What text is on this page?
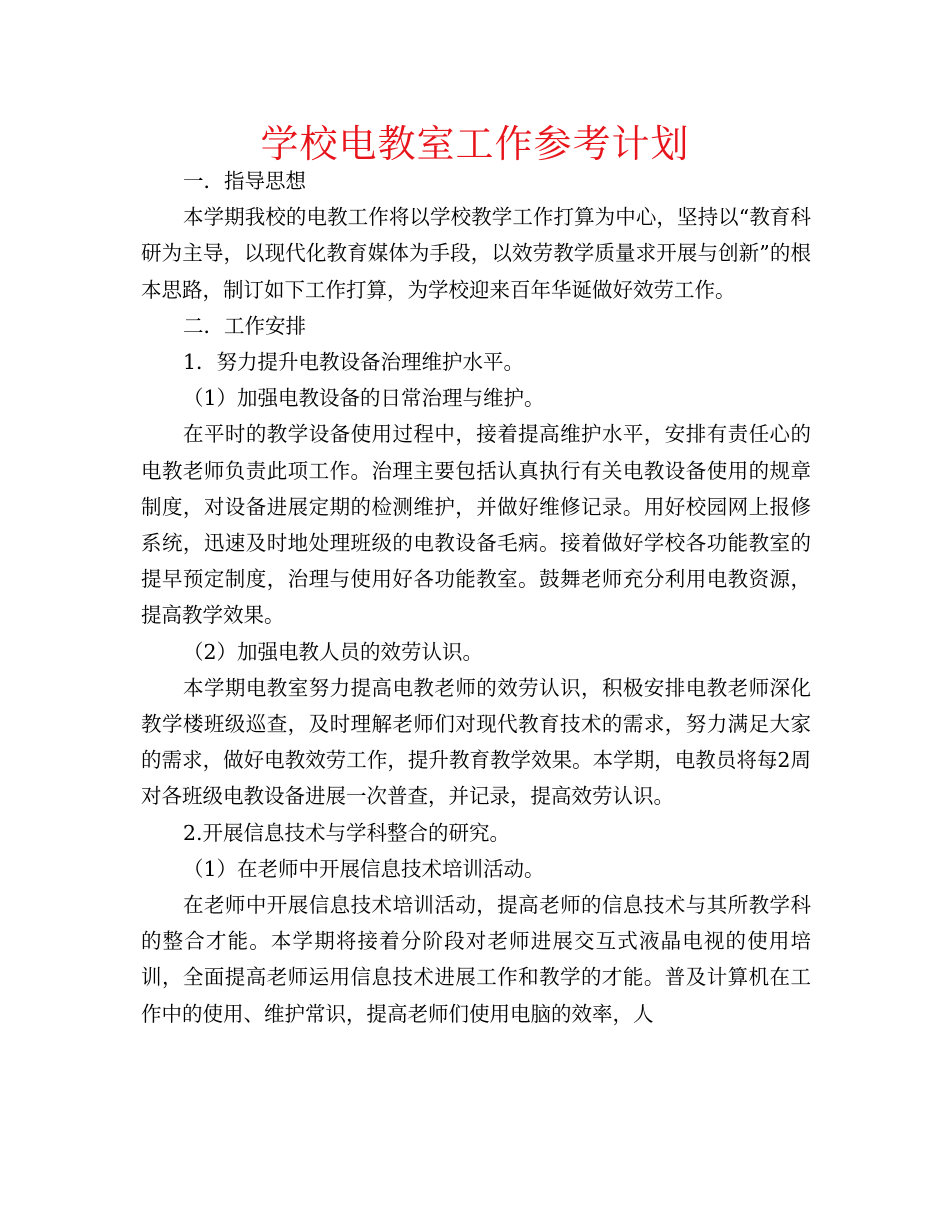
学校电教室工作参考计划

一．指导思想

本学期我校的电教工作将以学校教学工作打算为中心，坚持以“教育科研为主导，以现代化教育媒体为手段，以效劳教学质量求开展与创新”的根本思路，制订如下工作打算，为学校迎来百年华诞做好效劳工作。

二．工作安排

1．努力提升电教设备治理维护水平。

（1）加强电教设备的日常治理与维护。

在平时的教学设备使用过程中，接着提高维护水平，安排有责任心的电教老师负责此项工作。治理主要包括认真执行有关电教设备使用的规章制度，对设备进展定期的检测维护，并做好维修记录。用好校园网上报修系统，迅速及时地处理班级的电教设备毛病。接着做好学校各功能教室的提早预定制度，治理与使用好各功能教室。鼓舞老师充分利用电教资源，提高教学效果。

（2）加强电教人员的效劳认识。

本学期电教室努力提高电教老师的效劳认识，积极安排电教老师深化教学楼班级巡查，及时理解老师们对现代教育技术的需求，努力满足大家的需求，做好电教效劳工作，提升教育教学效果。本学期，电教员将每2周对各班级电教设备进展一次普查，并记录，提高效劳认识。

2.开展信息技术与学科整合的研究。

（1）在老师中开展信息技术培训活动。

在老师中开展信息技术培训活动，提高老师的信息技术与其所教学科的整合才能。本学期将接着分阶段对老师进展交互式液晶电视的使用培训，全面提高老师运用信息技术进展工作和教学的才能。普及计算机在工作中的使用、维护常识，提高老师们使用电脑的效率，人
